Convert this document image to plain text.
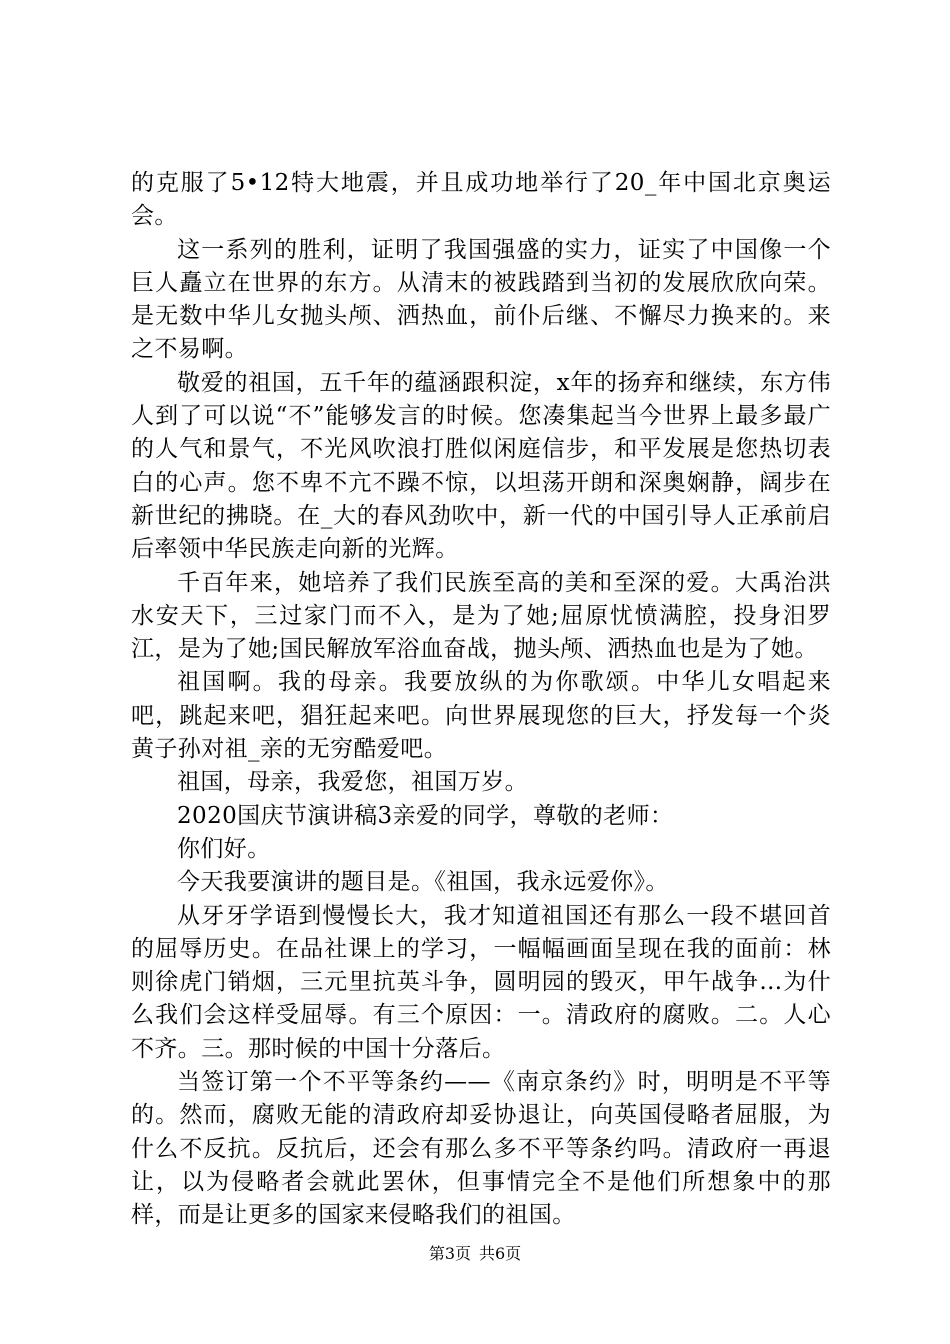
的克服了5•12特大地震，并且成功地举行了20_年中国北京奥运会。

这一系列的胜利，证明了我国强盛的实力，证实了中国像一个巨人矗立在世界的东方。从清末的被践踏到当初的发展欣欣向荣。是无数中华儿女抛头颅、洒热血，前仆后继、不懈尽力换来的。来之不易啊。

敬爱的祖国，五千年的蕴涵跟积淀，x年的扬弃和继续，东方伟人到了可以说“不”能够发言的时候。您凑集起当今世界上最多最广的人气和景气，不光风吹浪打胜似闲庭信步，和平发展是您热切表白的心声。您不卑不亢不躁不惊，以坦荡开朗和深奥娴静，阔步在新世纪的拂晓。在_大的春风劲吹中，新一代的中国引导人正承前启后率领中华民族走向新的光辉。

千百年来，她培养了我们民族至高的美和至深的爱。大禹治洪水安天下，三过家门而不入，是为了她;屈原忧愤满腔，投身汨罗江，是为了她;国民解放军浴血奋战，抛头颅、洒热血也是为了她。

祖国啊。我的母亲。我要放纵的为你歌颂。中华儿女唱起来吧，跳起来吧，猖狂起来吧。向世界展现您的巨大，抒发每一个炎黄子孙对祖_亲的无穷酷爱吧。

祖国，母亲，我爱您，祖国万岁。

2020国庆节演讲稿3亲爱的同学，尊敬的老师：

你们好。

今天我要演讲的题目是。《祖国，我永远爱你》。

从牙牙学语到慢慢长大，我才知道祖国还有那么一段不堪回首的屈辱历史。在品社课上的学习，一幅幅画面呈现在我的面前：林则徐虎门销烟，三元里抗英斗争，圆明园的毁灭，甲午战争…为什么我们会这样受屈辱。有三个原因：一。清政府的腐败。二。人心不齐。三。那时候的中国十分落后。

当签订第一个不平等条约——《南京条约》时，明明是不平等的。然而，腐败无能的清政府却妥协退让，向英国侵略者屈服，为什么不反抗。反抗后，还会有那么多不平等条约吗。清政府一再退让，以为侵略者会就此罢休，但事情完全不是他们所想象中的那样，而是让更多的国家来侵略我们的祖国。

第3页 共6页
